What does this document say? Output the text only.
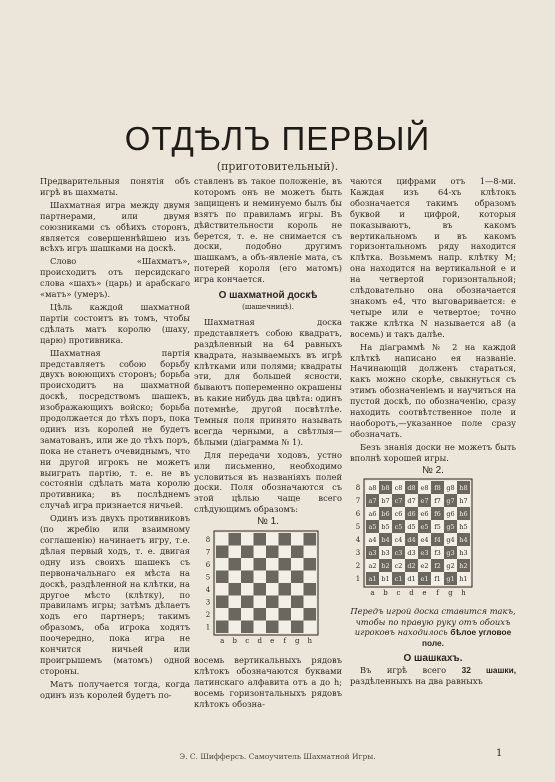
ОТДѢЛЪ ПЕРВЫЙ
(приготовительный).

Предварительныя понятія объ игрѣ въ шахматы.

Шахматная игра между двумя партнерами, или двумя союзниками съ обѣихъ сторонъ, является совершеннѣйшею изъ всѣхъ игръ шашками на доскѣ.

Слово «Шахматъ», происходитъ отъ персидскаго слова «шахъ» (царь) и арабскаго «матъ» (умеръ).

Цѣль каждой шахматной партіи состоитъ въ томъ, чтобы сдѣлать матъ королю (шаху, царю) противника.

Шахматная партія представляетъ собою борьбу двухъ воюющихъ сторонъ; борьба происходитъ на шахматной доскѣ, посредствомъ шашекъ, изображающихъ войско; борьба продолжается до тѣхъ поръ, пока одинъ изъ королей не будетъ заматованъ, или же до тѣхъ поръ, пока не станетъ очевиднымъ, что ни другой игрокъ не можетъ выиграть партію, т. е. не въ состояніи сдѣлать мата королю противника; въ послѣднемъ случаѣ игра признается ничьей.

Одинъ изъ двухъ противниковъ (по жребію или взаимному соглашенію) начинаетъ игру, т.е. дѣлая первый ходъ, т. е. двигая одну изъ своихъ шашекъ съ первоначальнаго ея мѣста на доскѣ, раздѣленной на клѣтки, на другое мѣсто (клѣтку), по правиламъ игры; затѣмъ дѣлаетъ ходъ его партнеръ; такимъ образомъ, оба игрока ходятъ поочередно, пока игра не кончится ничьей или проигрышемъ (матомъ) одной стороны.

Матъ получается тогда, когда одинъ изъ королей будетъ по-

ставленъ въ такое положеніе, въ которомъ онъ не можетъ быть защищенъ и неминуемо былъ бы взятъ по правиламъ игры. Въ дѣйствительности король не берется, т. е. не снимается съ доски, подобно другимъ шашкамъ, а объ-явленіе мата, съ потерей короля (его матомъ) игра кончается.

О шахматной доскѣ
(шашечницѣ).

Шахматная доска представляетъ собою квадратъ, раздѣленный на 64 равныхъ квадрата, называемыхъ въ игрѣ клѣтками или полями; квадраты эти, для большей ясности, бываютъ попеременно окрашены въ какие нибудь два цвѣта: одинъ потемнѣе, другой посвѣтлѣе. Темныя поля принято называть всегда черными, а свѣтлыя—бѣлыми (діаграмма № 1).

Для передачи ходовъ, устно или письменно, необходимо условиться въ названіяхъ полей доски. Поля обозначаются съ этой цѣлью чаще всего слѣдующимъ образомъ:

№ 1.
8
7
6
5
4
3
2
1
a b c d e f g h

восемь вертикальныхъ рядовъ клѣтокъ обозначаются буквами латинскаго алфавита отъ a до h; восемь горизонтальныхъ рядовъ клѣтокъ обозна-

чаются цифрами отъ 1—8-ми. Каждая изъ 64-хъ клѣтокъ обозначается такимъ образомъ буквой и цифрой, которыя показываютъ, въ какомъ вертикальномъ и въ какомъ горизонтальномъ ряду находится клѣтка. Возьмемъ напр. клѣтку М; она находится на вертикальной e и на четвертой горизонтальной; слѣдовательно она обозначается знакомъ e4, что выговаривается: e четыре или e четвертое; точно также клѣтка N называется a8 (a восемь) и такъ далѣе.

На діаграммѣ № 2 на каждой клѣткѣ написано ея названіе. Начинающій долженъ стараться, какъ можно скорѣе, свыкнуться съ этимъ обозначеніемъ и научиться на пустой доскѣ, по обозначенію, сразу находить соотвѣтственное поле и наоборотъ,—указанное поле сразу обозначать.

Безъ знанія доски не можетъ быть вполнѣ хорошей игры.

№ 2.
a8 b8 c8 d8 e8 f8 g8 h8
8
a7 b7 c7 d7 e7 f7 g7 h7
7
a6 b6 c6 d6 e6 f6 g6 h6
6
a5 b5 c5 d5 e5 f5 g5 h5
5
a4 b4 c4 d4 e4 f4 g4 h4
4
a3 b3 c3 d3 e3 f3 g3 h3
3
a2 b2 c2 d2 e2 f2 g2 h2
2
a1 b1 c1 d1 e1 f1 g1 h1
1
a b c d e f g h
Передъ игрой доска ставится такъ, чтобы по правую руку отъ обоихъ игроковъ находилось бѣлое угловое поле.
О шашкахъ.

Въ игрѣ всего 32 шашки, раздѣленныхъ на два равныхъ

Э. С. Шифферсъ. Самоучитель Шахматной Игры.	1
